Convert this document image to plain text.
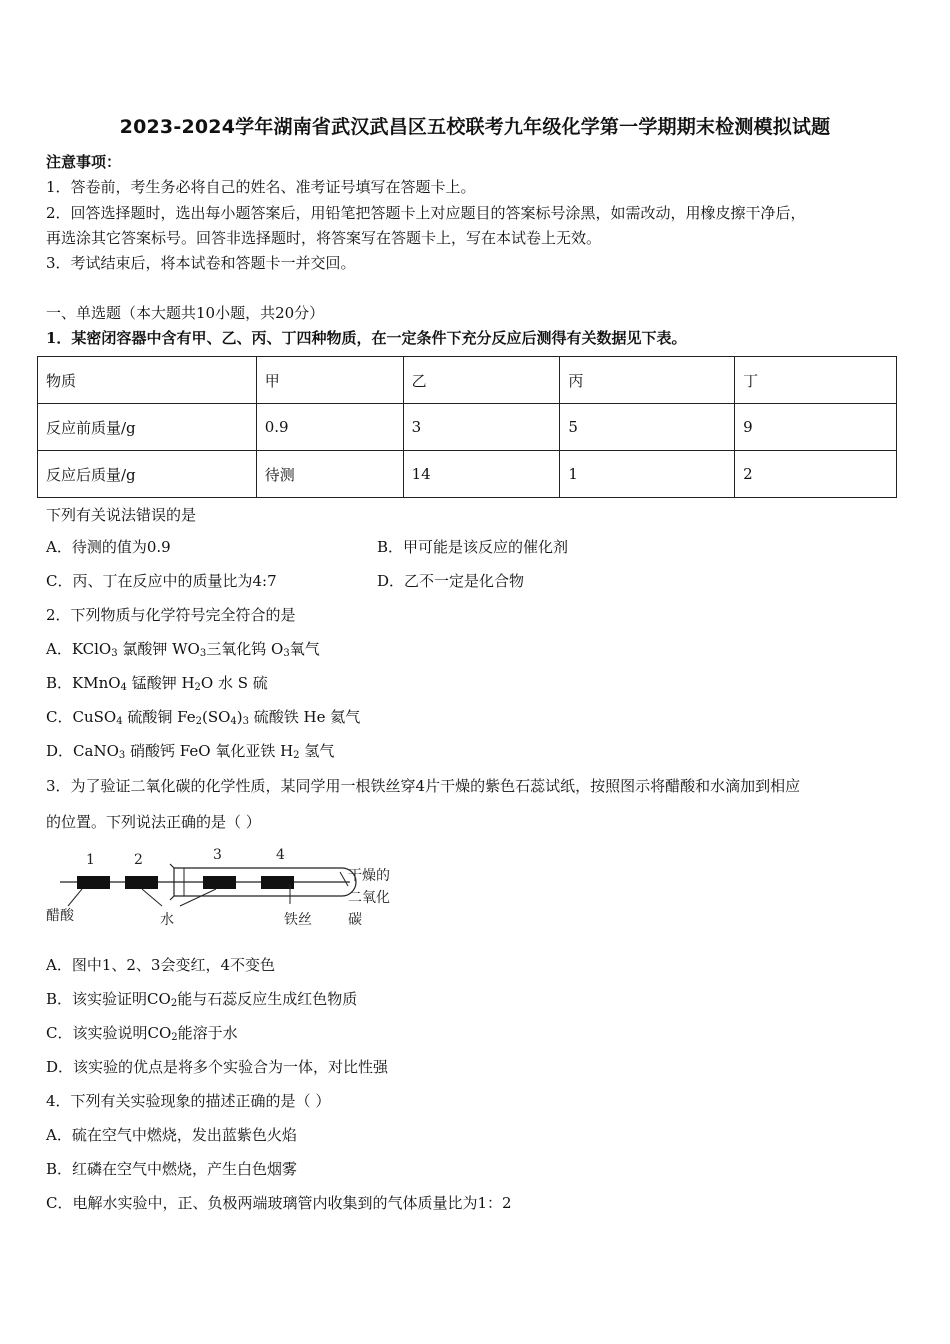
2023-2024学年湖南省武汉武昌区五校联考九年级化学第一学期期末检测模拟试题
注意事项：
1．答卷前，考生务必将自己的姓名、准考证号填写在答题卡上。
2．回答选择题时，选出每小题答案后，用铅笔把答题卡上对应题目的答案标号涂黑，如需改动，用橡皮擦干净后，
再选涂其它答案标号。回答非选择题时，将答案写在答题卡上，写在本试卷上无效。
3．考试结束后，将本试卷和答题卡一并交回。
一、单选题（本大题共10小题，共20分）
1．某密闭容器中含有甲、乙、丙、丁四种物质，在一定条件下充分反应后测得有关数据见下表。
物质	甲	乙	丙	丁
反应前质量/g	0.9	3	5	9
反应后质量/g	待测	14	1	2
下列有关说法错误的是
A．待测的值为0.9	B．甲可能是该反应的催化剂
C．丙、丁在反应中的质量比为4:7	D．乙不一定是化合物
2．下列物质与化学符号完全符合的是
A．KClO$_3$ 氯酸钾 $WO_3$三氧化钨 $O_3$氧气
B．KMnO$_4$ 锰酸钾 $H_2O$ 水 S 硫
C．CuSO$_4$ 硫酸铜 $Fe_2(SO_4)_3$ 硫酸铁 He 氦气
D．CaNO$_3$ 硝酸钙 FeO 氧化亚铁 $H_2$ 氢气
3．为了验证二氧化碳的化学性质，某同学用一根铁丝穿4片干燥的紫色石蕊试纸，按照图示将醋酸和水滴加到相应
的位置。下列说法正确的是（ ）
1	2	3	4
醋酸	水	铁丝
干燥的
二氧化
碳
A．图中1、2、3会变红，4不变色
B．该实验证明$CO_2$能与石蕊反应生成红色物质
C．该实验说明$CO_2$能溶于水
D．该实验的优点是将多个实验合为一体，对比性强
4．下列有关实验现象的描述正确的是（ ）
A．硫在空气中燃烧，发出蓝紫色火焰
B．红磷在空气中燃烧，产生白色烟雾
C．电解水实验中，正、负极两端玻璃管内收集到的气体质量比为1：2
